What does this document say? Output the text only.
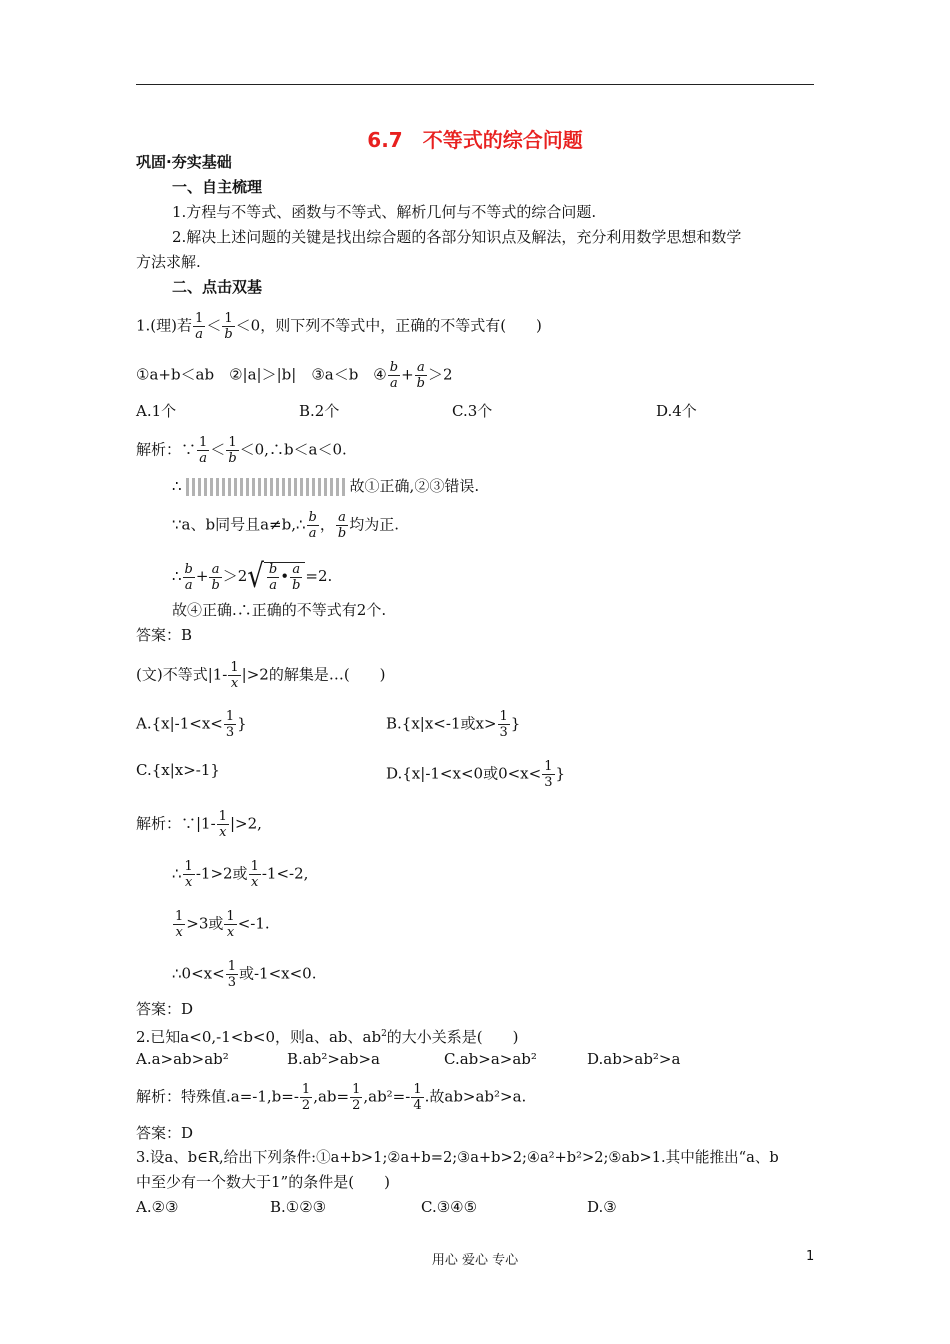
6.7　不等式的综合问题
巩固·夯实基础
一、自主梳理
1.方程与不等式、函数与不等式、解析几何与不等式的综合问题.
2.解决上述问题的关键是找出综合题的各部分知识点及解法，充分利用数学思想和数学
方法求解.
二、点击双基
1.(理)若 $\frac{1}{a} < \frac{1}{b} <0$，则下列不等式中，正确的不等式有(　　)
①a+b＜ab　②|a|＞|b|　③a＜b　④ $\frac{b}{a} + \frac{a}{b} >2$
A.1个	B.2个	C.3个	D.4个
解析：∵ $\frac{1}{a} < \frac{1}{b}$ ＜0,∴b＜a＜0.
∴	故①正确,②③错误.
∵a、b同号且a≠b,∴ $\frac{b}{a}$ ， $\frac{a}{b}$ 均为正.
∴ $\frac{b}{a} + \frac{a}{b} >2√ \frac{b}{a}$ • $\frac{a}{b} =2$.
故④正确.∴正确的不等式有2个.
答案：B
(文)不等式$|1- \frac{1}{x} |>2$的解集是…(　　)
$A.\{x|-1<x< \frac{1}{3}$ }	B.{x|x<-1或$x> \frac{1}{3}$ }
C.{x|x>-1}	D.{x|-1<x<0或$0<x< \frac{1}{3}$ }
解析：∵|1- $\frac{1}{x} |>2$,
∴ $\frac{1}{x} -1>2$或 $\frac{1}{x} -1<-2$,
$\frac{1}{x} >3$或 $\frac{1}{x} <-1$.
∴0<x< $\frac{1}{3}$ 或-1<x<0.
答案：D
2.已知a<0,-1<b<0，则a、ab、$ab^2$的大小关系是(　　)
A.a>ab>ab²	B.ab²>ab>a	C.ab>a>ab²	D.ab>ab²>a
解析：特殊值$.a=-1,b=- \frac{1}{2} ,ab= \frac{1}{2} ,ab^2=- \frac{1}{4}$ .故ab>ab²>a.
答案：D
3.设a、b∈R,给出下列条件:①a+b>1;②a+b=2;③a+b>2;④a²+b²>2;⑤ab>1.其中能推出“a、b
中至少有一个数大于1”的条件是(　　)
A.②③	B.①②③	C.③④⑤	D.③
用心 爱心 专心	1
